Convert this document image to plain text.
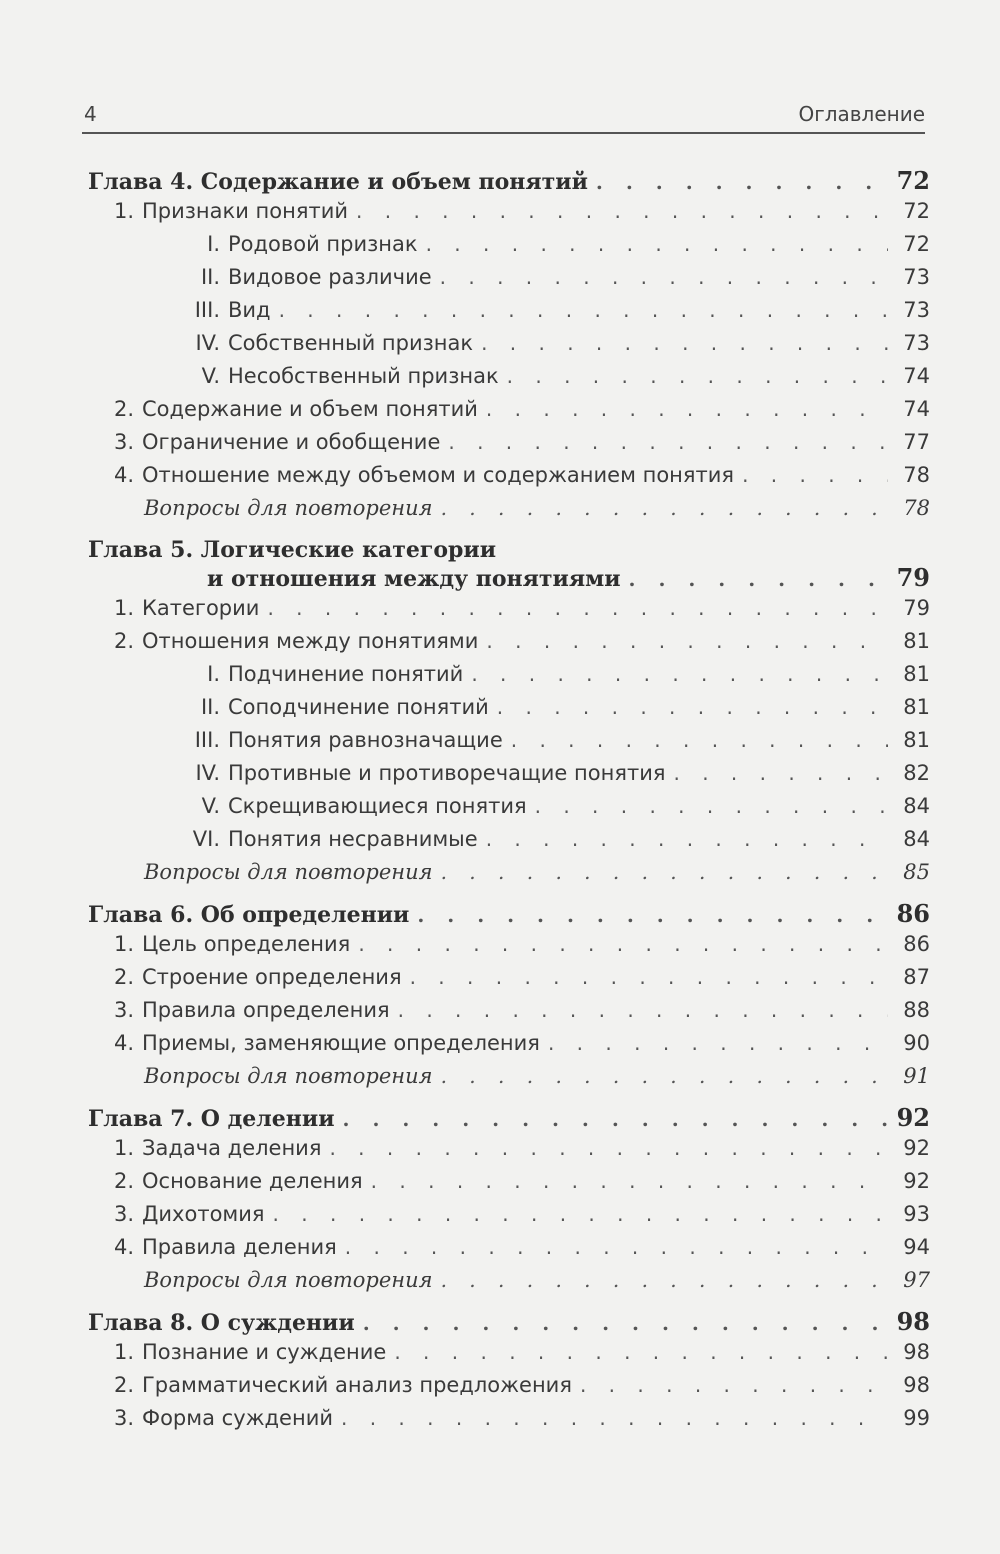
4	Оглавление
Глава 4. Содержание и объем понятий . . .	72
1. Признаки понятий . . .	72
I. Родовой признак . . .	72
II. Видовое различие . . .	73
III. Вид . . .	73
IV. Собственный признак . . .	73
V. Несобственный признак . . .	74
2. Содержание и объем понятий . . .	74
3. Ограничение и обобщение . . .	77
4. Отношение между объемом и содержанием понятия . . .	78
Вопросы для повторения . . .	78
Глава 5. Логические категории
и отношения между понятиями . . .	79
1. Категории . . .	79
2. Отношения между понятиями . . .	81
I. Подчинение понятий . . .	81
II. Соподчинение понятий . . .	81
III. Понятия равнозначащие . . .	81
IV. Противные и противоречащие понятия . . .	82
V. Скрещивающиеся понятия . . .	84
VI. Понятия несравнимые . . .	84
Вопросы для повторения . . .	85
Глава 6. Об определении . . .	86
1. Цель определения . . .	86
2. Строение определения . . .	87
3. Правила определения . . .	88
4. Приемы, заменяющие определения . . .	90
Вопросы для повторения . . .	91
Глава 7. О делении . . .	92
1. Задача деления . . .	92
2. Основание деления . . .	92
3. Дихотомия . . .	93
4. Правила деления . . .	94
Вопросы для повторения . . .	97
Глава 8. О суждении . . .	98
1. Познание и суждение . . .	98
2. Грамматический анализ предложения . . .	98
3. Форма суждений . . .	99
